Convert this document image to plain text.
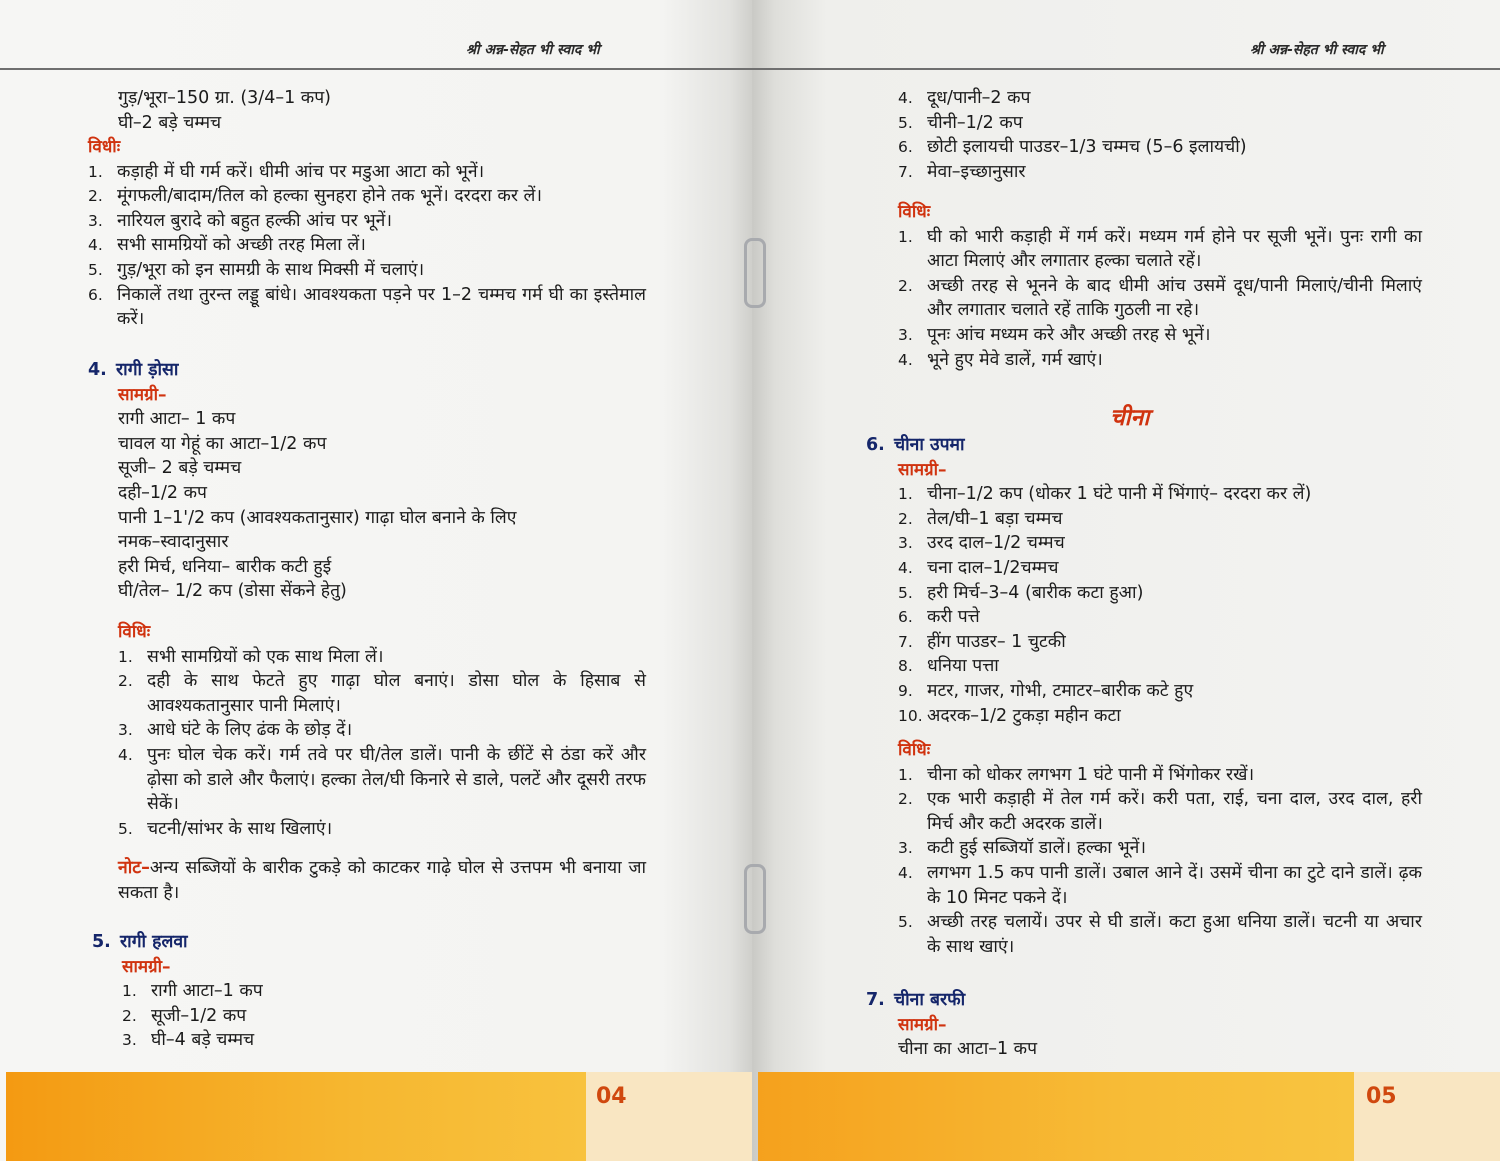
श्री अन्न-सेहत भी स्वाद भी
गुड़/भूरा–150 ग्रा. (3/4–1 कप)
घी–2 बड़े चम्मच
विधीः
1. कड़ाही में घी गर्म करें। धीमी आंच पर मडुआ आटा को भूनें।
2. मूंगफली/बादाम/तिल को हल्का सुनहरा होने तक भूनें। दरदरा कर लें।
3. नारियल बुरादे को बहुत हल्की आंच पर भूनें।
4. सभी सामग्रियों को अच्छी तरह मिला लें।
5. गुड़/भूरा को इन सामग्री के साथ मिक्सी में चलाएं।
6. निकालें तथा तुरन्त लड्डू बांधे। आवश्यकता पड़ने पर 1–2 चम्मच गर्म घी का इस्तेमाल करें।
4. रागी ड़ोसा
सामग्री–
रागी आटा– 1 कप
चावल या गेहूं का आटा–1/2 कप
सूजी– 2 बड़े चम्मच
दही–1/2 कप
पानी 1–1'/2 कप (आवश्यकतानुसार) गाढ़ा घोल बनाने के लिए
नमक–स्वादानुसार
हरी मिर्च, धनिया– बारीक कटी हुई
घी/तेल– 1/2 कप (डोसा सेंकने हेतु)
विधिः
1. सभी सामग्रियों को एक साथ मिला लें।
2. दही के साथ फेटते हुए गाढ़ा घोल बनाएं। डोसा घोल के हिसाब से आवश्यकतानुसार पानी मिलाएं।
3. आधे घंटे के लिए ढंक के छोड़ दें।
4. पुनः घोल चेक करें। गर्म तवे पर घी/तेल डालें। पानी के छींटें से ठंडा करें और ढ़ोसा को डाले और फैलाएं। हल्का तेल/घी किनारे से डाले, पलटें और दूसरी तरफ सेकें।
5. चटनी/सांभर के साथ खिलाएं।
नोट–अन्य सब्जियों के बारीक टुकड़े को काटकर गाढ़े घोल से उत्तपम भी बनाया जा सकता है।
5. रागी हलवा
सामग्री–
1. रागी आटा–1 कप
2. सूजी–1/2 कप
3. घी–4 बड़े चम्मच
04
श्री अन्न-सेहत भी स्वाद भी
4. दूध/पानी–2 कप
5. चीनी–1/2 कप
6. छोटी इलायची पाउडर–1/3 चम्मच (5–6 इलायची)
7. मेवा–इच्छानुसार
विधिः
1. घी को भारी कड़ाही में गर्म करें। मध्यम गर्म होने पर सूजी भूनें। पुनः रागी का आटा मिलाएं और लगातार हल्का चलाते रहें।
2. अच्छी तरह से भूनने के बाद धीमी आंच उसमें दूध/पानी मिलाएं/चीनी मिलाएं और लगातार चलाते रहें ताकि गुठली ना रहे।
3. पूनः आंच मध्यम करे और अच्छी तरह से भूनें।
4. भूने हुए मेवे डालें, गर्म खाएं।
चीना
6. चीना उपमा
सामग्री–
1. चीना–1/2 कप (धोकर 1 घंटे पानी में भिंगाएं– दरदरा कर लें)
2. तेल/घी–1 बड़ा चम्मच
3. उरद दाल–1/2 चम्मच
4. चना दाल–1/2चम्मच
5. हरी मिर्च–3–4 (बारीक कटा हुआ)
6. करी पत्ते
7. हींग पाउडर– 1 चुटकी
8. धनिया पत्ता
9. मटर, गाजर, गोभी, टमाटर–बारीक कटे हुए
10. अदरक–1/2 टुकड़ा महीन कटा
विधिः
1. चीना को धोकर लगभग 1 घंटे पानी में भिंगोकर रखें।
2. एक भारी कड़ाही में तेल गर्म करें। करी पता, राई, चना दाल, उरद दाल, हरी मिर्च और कटी अदरक डालें।
3. कटी हुई सब्जियॉ डालें। हल्का भूनें।
4. लगभग 1.5 कप पानी डालें। उबाल आने दें। उसमें चीना का टुटे दाने डालें। ढ़क के 10 मिनट पकने दें।
5. अच्छी तरह चलायें। उपर से घी डालें। कटा हुआ धनिया डालें। चटनी या अचार के साथ खाएं।
7. चीना बरफी
सामग्री–
चीना का आटा–1 कप
05
